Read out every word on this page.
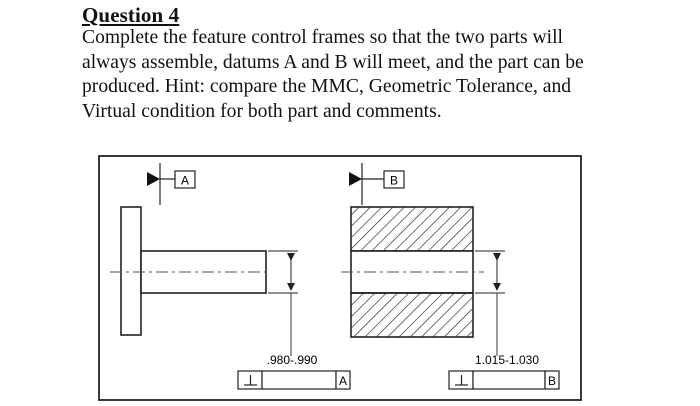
Question 4
Complete the feature control frames so that the two parts will
always assemble, datums A and B will meet, and the part can be
produced. Hint: compare the MMC, Geometric Tolerance, and
Virtual condition for both part and comments.
A
.980-.990
A
B
1.015-1.030
B
